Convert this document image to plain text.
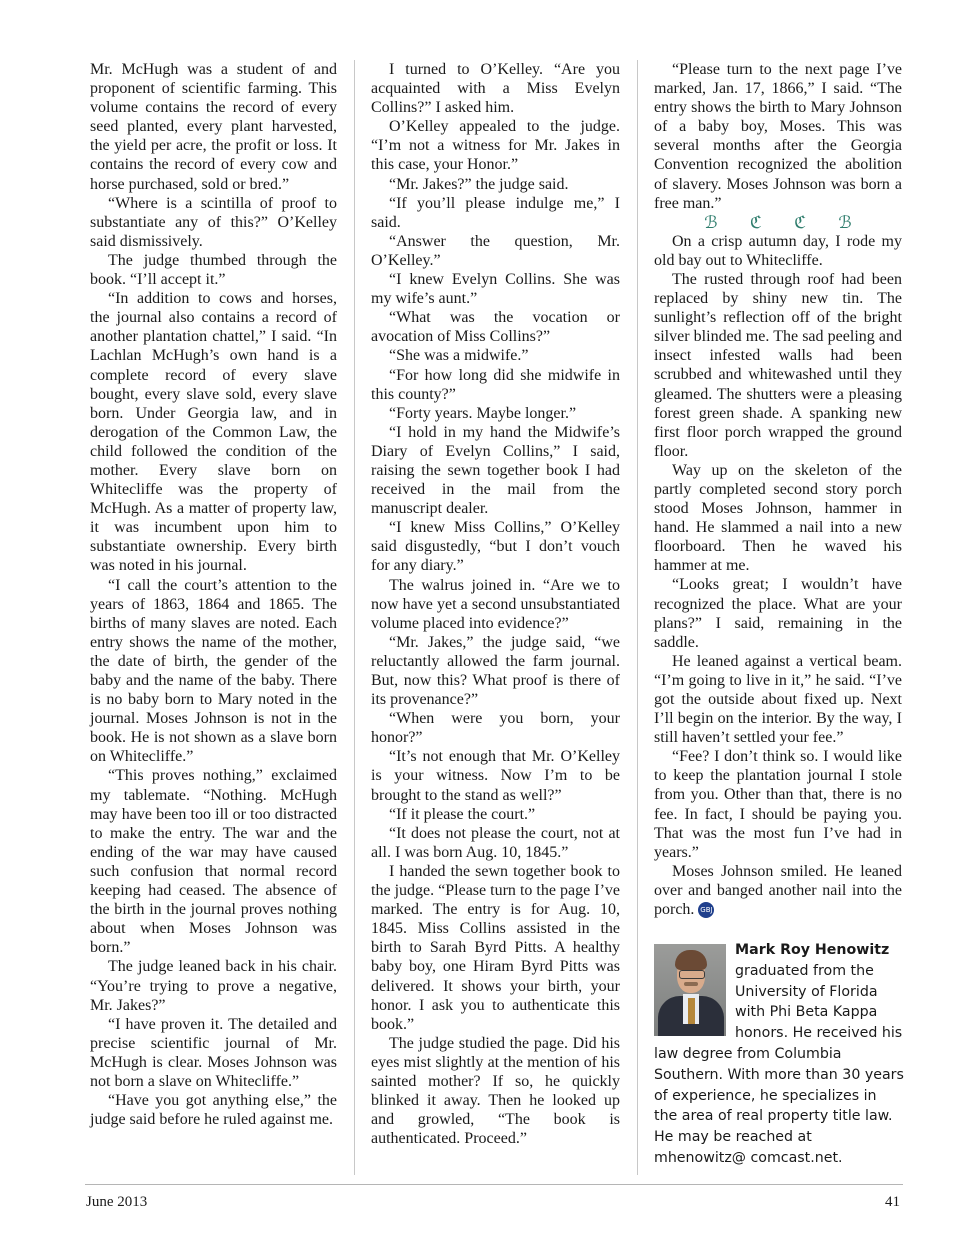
Mr. McHugh was a student of and proponent of scientific farming. This volume contains the record of every seed planted, every plant harvested, the yield per acre, the profit or loss. It contains the record of every cow and horse purchased, sold or bred.”

“Where is a scintilla of proof to substantiate any of this?” O’Kelley said dismissively.

The judge thumbed through the book. “I’ll accept it.”

“In addition to cows and horses, the journal also contains a record of another plantation chattel,” I said. “In Lachlan McHugh’s own hand is a complete record of every slave bought, every slave sold, every slave born. Under Georgia law, and in derogation of the Common Law, the child followed the condition of the mother. Every slave born on Whitecliffe was the property of McHugh. As a matter of property law, it was incumbent upon him to substantiate ownership. Every birth was noted in his journal.

“I call the court’s attention to the years of 1863, 1864 and 1865. The births of many slaves are noted. Each entry shows the name of the mother, the date of birth, the gender of the baby and the name of the baby. There is no baby born to Mary noted in the journal. Moses Johnson is not in the book. He is not shown as a slave born on Whitecliffe.”

“This proves nothing,” exclaimed my tablemate. “Nothing. McHugh may have been too ill or too distracted to make the entry. The war and the ending of the war may have caused such confusion that normal record keeping had ceased. The absence of the birth in the journal proves nothing about when Moses Johnson was born.”

The judge leaned back in his chair. “You’re trying to prove a negative, Mr. Jakes?”

“I have proven it. The detailed and precise scientific journal of Mr. McHugh is clear. Moses Johnson was not born a slave on Whitecliffe.”

“Have you got anything else,” the judge said before he ruled against me.

I turned to O’Kelley. “Are you acquainted with a Miss Evelyn Collins?” I asked him.

O’Kelley appealed to the judge. “I’m not a witness for Mr. Jakes in this case, your Honor.”

“Mr. Jakes?” the judge said.

“If you’ll please indulge me,” I said.

“Answer the question, Mr. O’Kelley.”

“I knew Evelyn Collins. She was my wife’s aunt.”

“What was the vocation or avocation of Miss Collins?”

“She was a midwife.”

“For how long did she midwife in this county?”

“Forty years. Maybe longer.”

“I hold in my hand the Midwife’s Diary of Evelyn Collins,” I said, raising the sewn together book I had received in the mail from the manuscript dealer.

“I knew Miss Collins,” O’Kelley said disgustedly, “but I don’t vouch for any diary.”

The walrus joined in. “Are we to now have yet a second unsubstantiated volume placed into evidence?”

“Mr. Jakes,” the judge said, “we reluctantly allowed the farm journal. But, now this? What proof is there of its provenance?”

“When were you born, your honor?”

“It’s not enough that Mr. O’Kelley is your witness. Now I’m to be brought to the stand as well?”

“If it please the court.”

“It does not please the court, not at all. I was born Aug. 10, 1845.”

I handed the sewn together book to the judge. “Please turn to the page I’ve marked. The entry is for Aug. 10, 1845. Miss Collins assisted in the birth to Sarah Byrd Pitts. A healthy baby boy, one Hiram Byrd Pitts was delivered. It shows your birth, your honor. I ask you to authenticate this book.”

The judge studied the page. Did his eyes mist slightly at the mention of his sainted mother? If so, he quickly blinked it away. Then he looked up and growled, “The book is authenticated. Proceed.”

“Please turn to the next page I’ve marked, Jan. 17, 1866,” I said. “The entry shows the birth to Mary Johnson of a baby boy, Moses. This was several months after the Georgia Convention recognized the abolition of slavery. Moses Johnson was born a free man.”

ℬ ℭ ℭ ℬ

On a crisp autumn day, I rode my old bay out to Whitecliffe.

The rusted through roof had been replaced by shiny new tin. The sunlight’s reflection off of the bright silver blinded me. The sad peeling and insect infested walls had been scrubbed and whitewashed until they gleamed. The shutters were a pleasing forest green shade. A spanking new first floor porch wrapped the ground floor.

Way up on the skeleton of the partly completed second story porch stood Moses Johnson, hammer in hand. He slammed a nail into a new floorboard. Then he waved his hammer at me.

“Looks great; I wouldn’t have recognized the place. What are your plans?” I said, remaining in the saddle.

He leaned against a vertical beam. “I’m going to live in it,” he said. “I’ve got the outside about fixed up. Next I’ll begin on the interior. By the way, I still haven’t settled your fee.”

“Fee? I don’t think so. I would like to keep the plantation journal I stole from you. Other than that, there is no fee. In fact, I should be paying you. That was the most fun I’ve had in years.”

Moses Johnson smiled. He leaned over and banged another nail into the porch. GBJ

Mark Roy Henowitz
graduated from the University of Florida with Phi Beta Kappa honors. He received his law degree from Columbia Southern. With more than 30 years of experience, he specializes in the area of real property title law. He may be reached at mhenowitz@ comcast.net.
June 2013	41
